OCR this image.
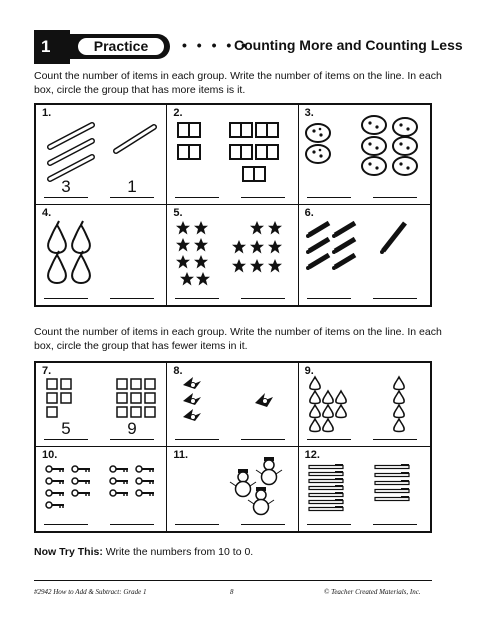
1	Practice	• • • • •
Counting More and Counting Less
Count the number of items in each group. Write the number of items on the line. In each box, circle the group that has more items is it.
1.
3	1
2.	3.
4.	5.	6.
Count the number of items in each group. Write the number of items on the line. In each box, circle the group that has fewer items in it.
7.
5	9
8.	9.
10.	11.	12.
Now Try This: Write the numbers from 10 to 0.
#2942 How to Add & Subtract: Grade 1	8	© Teacher Created Materials, Inc.
